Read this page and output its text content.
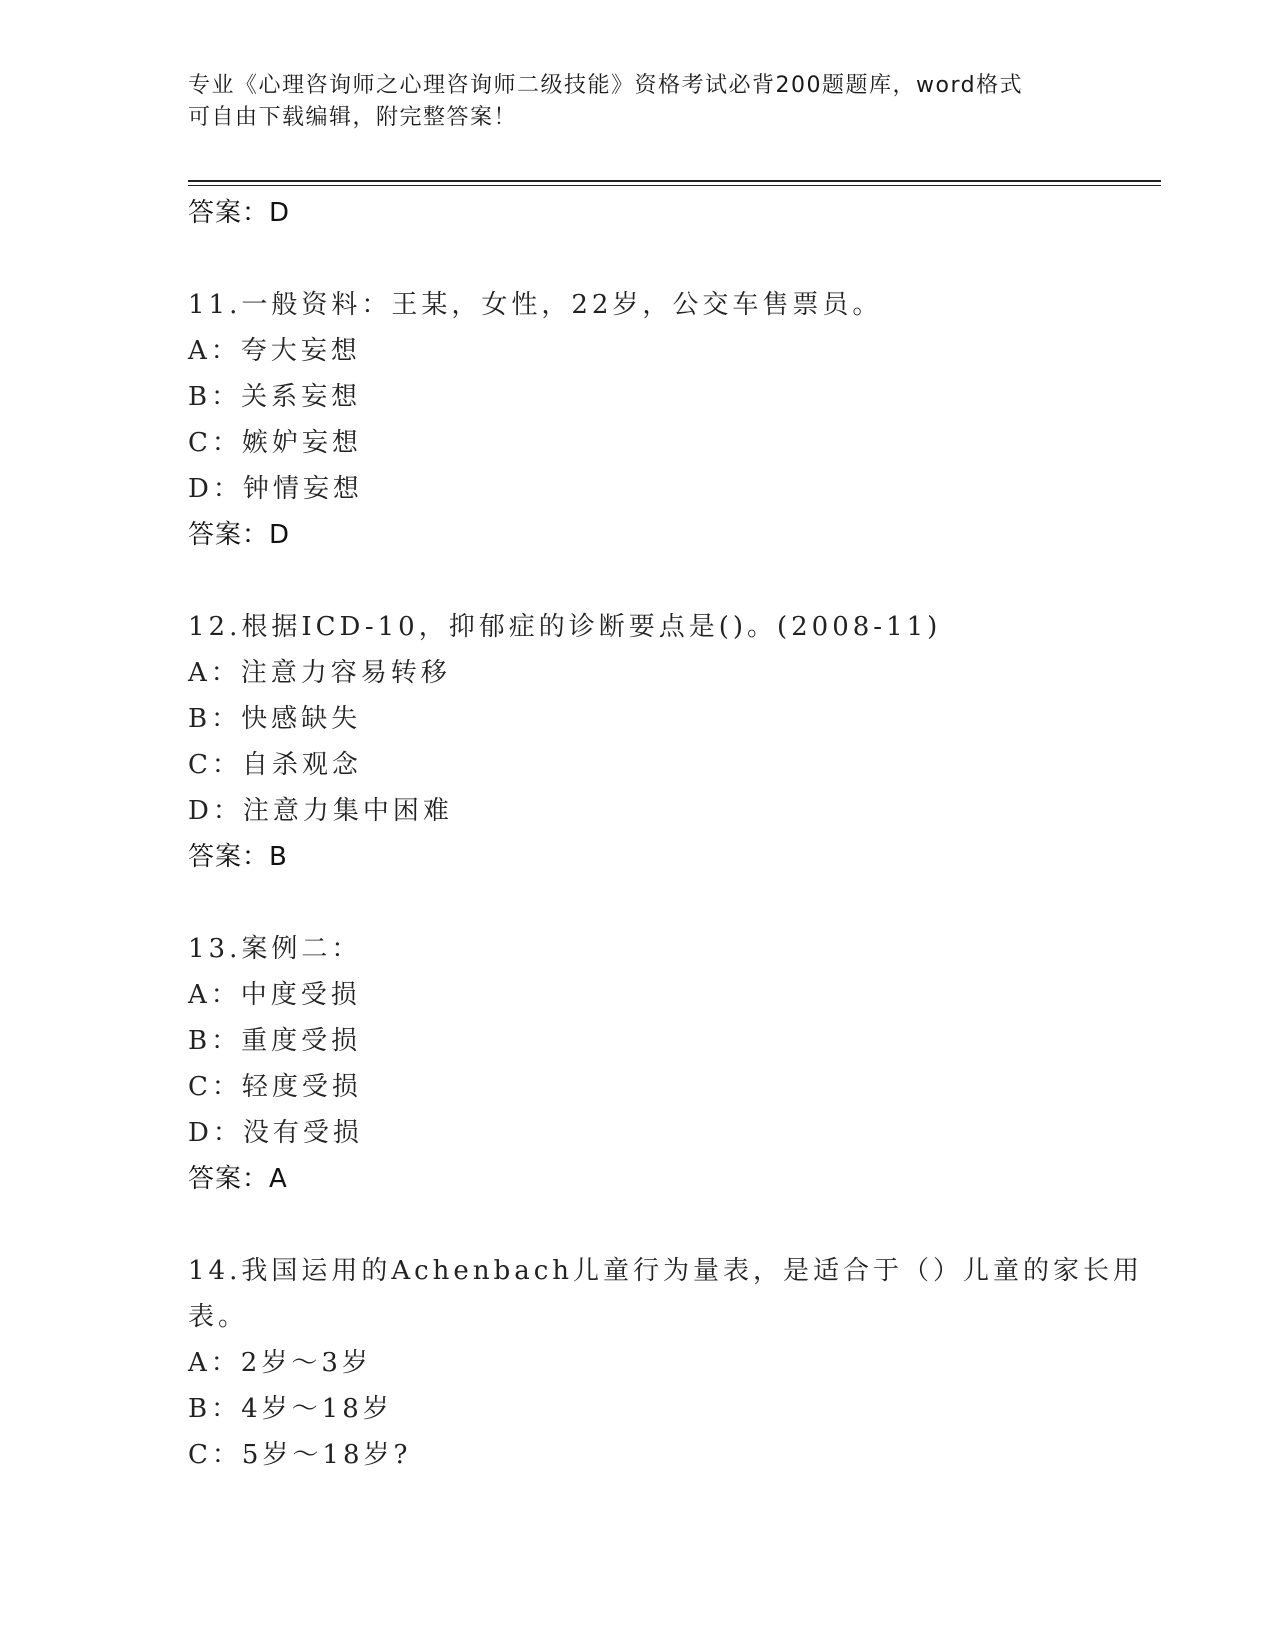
专业《心理咨询师之心理咨询师二级技能》资格考试必背200题题库，word格式
可自由下载编辑，附完整答案！
答案：D
11.一般资料：王某，女性，22岁，公交车售票员。
A：夸大妄想
B：关系妄想
C：嫉妒妄想
D：钟情妄想
答案：D
12.根据ICD-10，抑郁症的诊断要点是()。(2008-11)
A：注意力容易转移
B：快感缺失
C：自杀观念
D：注意力集中困难
答案：B
13.案例二：
A：中度受损
B：重度受损
C：轻度受损
D：没有受损
答案：A
14.我国运用的Achenbach儿童行为量表，是适合于（）儿童的家长用
表。
A：2岁～3岁
B：4岁～18岁
C：5岁～18岁?
